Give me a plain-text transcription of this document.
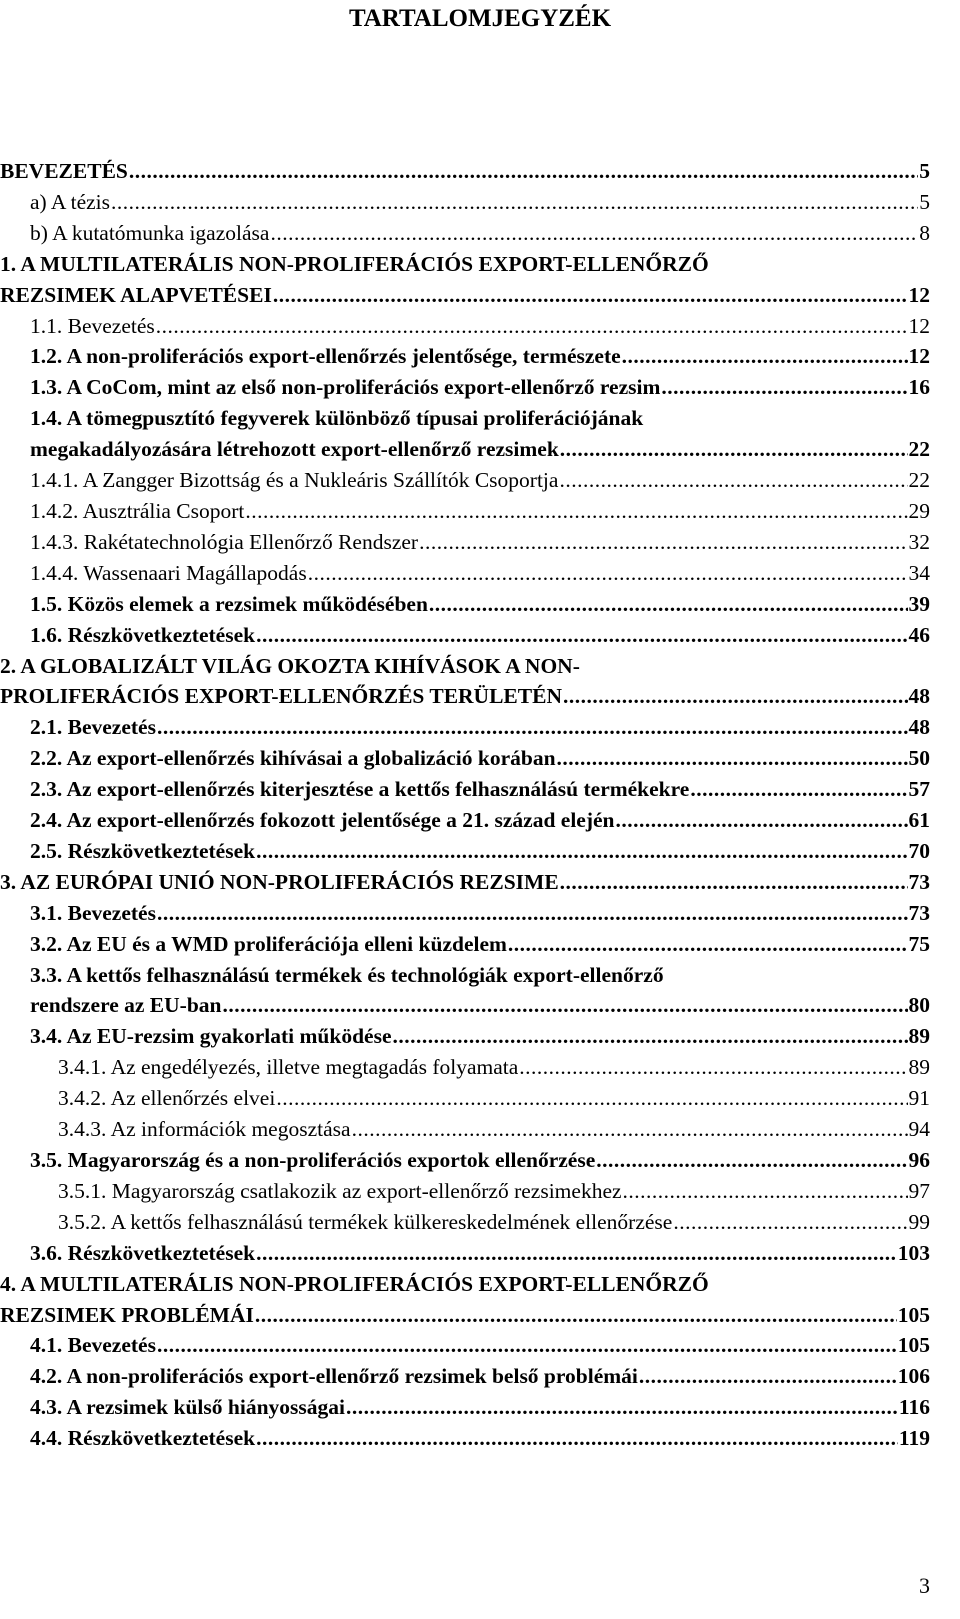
TARTALOMJEGYZÉK
BEVEZETÉS .....	5
a) A tézis .....	5
b) A kutatómunka igazolása .....	8
1. A MULTILATERÁLIS NON-PROLIFERÁCIÓS EXPORT-ELLENŐRZŐ
REZSIMEK ALAPVETÉSEI .....	12
1.1. Bevezetés .....	12
1.2. A non-proliferációs export-ellenőrzés jelentősége, természete .....	12
1.3. A CoCom, mint az első non-proliferációs export-ellenőrző rezsim .....	16
1.4. A tömegpusztító fegyverek különböző típusai proliferációjának
megakadályozására létrehozott export-ellenőrző rezsimek .....	22
1.4.1. A Zangger Bizottság és a Nukleáris Szállítók Csoportja .....	22
1.4.2. Ausztrália Csoport .....	29
1.4.3. Rakétatechnológia Ellenőrző Rendszer .....	32
1.4.4. Wassenaari Magállapodás .....	34
1.5. Közös elemek a rezsimek működésében .....	39
1.6. Részkövetkeztetések .....	46
2. A GLOBALIZÁLT VILÁG OKOZTA KIHÍVÁSOK A NON-
PROLIFERÁCIÓS EXPORT-ELLENŐRZÉS TERÜLETÉN .....	48
2.1. Bevezetés .....	48
2.2. Az export-ellenőrzés kihívásai a globalizáció korában .....	50
2.3. Az export-ellenőrzés kiterjesztése a kettős felhasználású termékekre .....	57
2.4. Az export-ellenőrzés fokozott jelentősége a 21. század elején .....	61
2.5. Részkövetkeztetések .....	70
3. AZ EURÓPAI UNIÓ NON-PROLIFERÁCIÓS REZSIME .....	73
3.1. Bevezetés .....	73
3.2. Az EU és a WMD proliferációja elleni küzdelem .....	75
3.3. A kettős felhasználású termékek és technológiák export-ellenőrző
rendszere az EU-ban .....	80
3.4. Az EU-rezsim gyakorlati működése .....	89
3.4.1. Az engedélyezés, illetve megtagadás folyamata .....	89
3.4.2. Az ellenőrzés elvei .....	91
3.4.3. Az információk megosztása .....	94
3.5. Magyarország és a non-proliferációs exportok ellenőrzése .....	96
3.5.1. Magyarország csatlakozik az export-ellenőrző rezsimekhez .....	97
3.5.2. A kettős felhasználású termékek külkereskedelmének ellenőrzése .....	99
3.6. Részkövetkeztetések .....	103
4. A MULTILATERÁLIS NON-PROLIFERÁCIÓS EXPORT-ELLENŐRZŐ
REZSIMEK PROBLÉMÁI .....	105
4.1. Bevezetés .....	105
4.2. A non-proliferációs export-ellenőrző rezsimek belső problémái .....	106
4.3. A rezsimek külső hiányosságai .....	116
4.4. Részkövetkeztetések .....	119
3
